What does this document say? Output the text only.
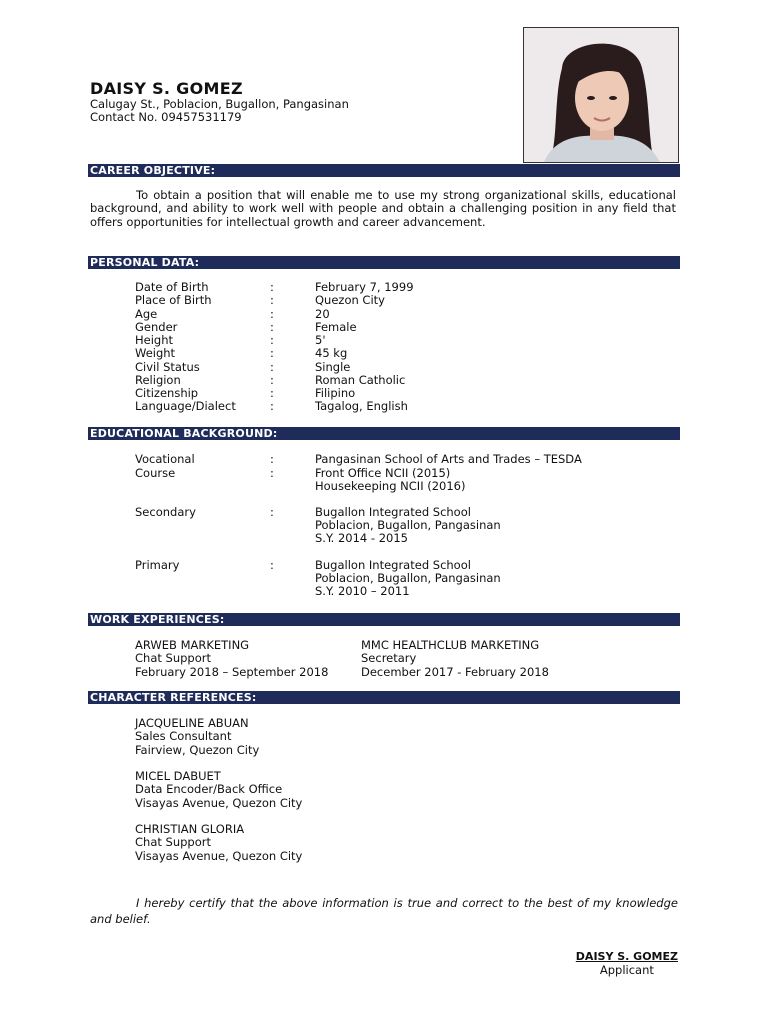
DAISY S. GOMEZ
Calugay St., Poblacion, Bugallon, Pangasinan
Contact No. 09457531179
CAREER OBJECTIVE:
To obtain a position that will enable me to use my strong organizational skills, educational background, and ability to work well with people and obtain a challenging position in any field that offers opportunities for intellectual growth and career advancement.
PERSONAL DATA:
Date of Birth	:	February 7, 1999
Place of Birth	:	Quezon City
Age	:	20
Gender	:	Female
Height	:	5'
Weight	:	45 kg
Civil Status	:	Single
Religion	:	Roman Catholic
Citizenship	:	Filipino
Language/Dialect	:	Tagalog, English
EDUCATIONAL BACKGROUND:
Vocational	:	Pangasinan School of Arts and Trades – TESDA
Course	:	Front Office NCII (2015)
Housekeeping NCII (2016)
Secondary	:	Bugallon Integrated School
Poblacion, Bugallon, Pangasinan
S.Y. 2014 - 2015
Primary	:	Bugallon Integrated School
Poblacion, Bugallon, Pangasinan
S.Y. 2010 – 2011
WORK EXPERIENCES:
ARWEB MARKETING
Chat Support
February 2018 – September 2018
MMC HEALTHCLUB MARKETING
Secretary
December 2017 - February 2018
CHARACTER REFERENCES:
JACQUELINE ABUAN
Sales Consultant
Fairview, Quezon City
MICEL DABUET
Data Encoder/Back Office
Visayas Avenue, Quezon City
CHRISTIAN GLORIA
Chat Support
Visayas Avenue, Quezon City
I hereby certify that the above information is true and correct to the best of my knowledge and belief.
DAISY S. GOMEZ
Applicant
